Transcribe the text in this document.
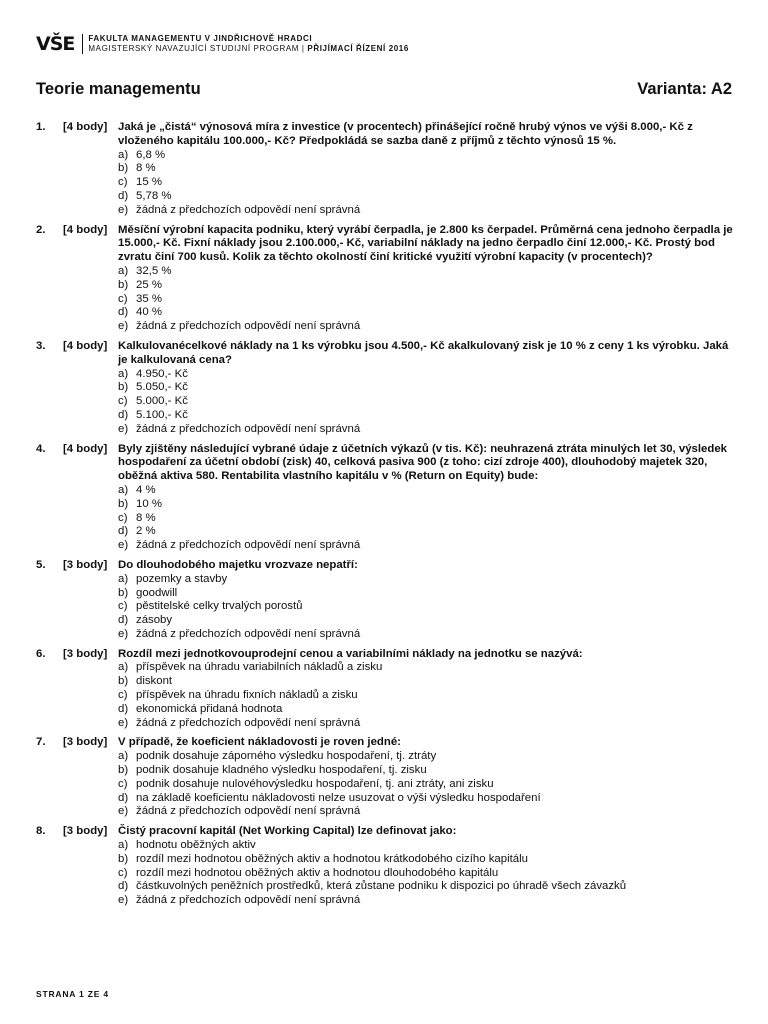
VŠE FAKULTA MANAGEMENTU V JINDŘICHOVĚ HRADCI
MAGISTERSKÝ NAVAZUJÍCÍ STUDIJNÍ PROGRAM | PŘIJÍMACÍ ŘÍZENÍ 2016
Teorie managementu	Varianta: A2
1. [4 body] Jaká je „čistá“ výnosová míra z investice (v procentech) přinášející ročně hrubý výnos ve výši 8.000,- Kč z vloženého kapitálu 100.000,- Kč? Předpokládá se sazba daně z příjmů z těchto výnosů 15 %.
a) 6,8 %
b) 8 %
c) 15 %
d) 5,78 %
e) žádná z předchozích odpovědí není správná
2. [4 body] Měsíční výrobní kapacita podniku, který vyrábí čerpadla, je 2.800 ks čerpadel. Průměrná cena jednoho čerpadla je 15.000,- Kč. Fixní náklady jsou 2.100.000,- Kč, variabilní náklady na jedno čerpadlo činí 12.000,- Kč. Prostý bod zvratu činí 700 kusů. Kolik za těchto okolností činí kritické využití výrobní kapacity (v procentech)?
a) 32,5 %
b) 25 %
c) 35 %
d) 40 %
e) žádná z předchozích odpovědí není správná
3. [4 body] Kalkulovanécelkové náklady na 1 ks výrobku jsou 4.500,- Kč akalkulovaný zisk je 10 % z ceny 1 ks výrobku. Jaká je kalkulovaná cena?
a) 4.950,- Kč
b) 5.050,- Kč
c) 5.000,- Kč
d) 5.100,- Kč
e) žádná z předchozích odpovědí není správná
4. [4 body] Byly zjištěny následující vybrané údaje z účetních výkazů (v tis. Kč): neuhrazená ztráta minulých let 30, výsledek hospodaření za účetní období (zisk) 40, celková pasiva 900 (z toho: cizí zdroje 400), dlouhodobý majetek 320, oběžná aktiva 580. Rentabilita vlastního kapitálu v % (Return on Equity) bude:
a) 4 %
b) 10 %
c) 8 %
d) 2 %
e) žádná z předchozích odpovědí není správná
5. [3 body] Do dlouhodobého majetku vrozvaze nepatří:
a) pozemky a stavby
b) goodwill
c) pěstitelské celky trvalých porostů
d) zásoby
e) žádná z předchozích odpovědí není správná
6. [3 body] Rozdíl mezi jednotkovouprodejní cenou a variabilními náklady na jednotku se nazývá:
a) příspěvek na úhradu variabilních nákladů a zisku
b) diskont
c) příspěvek na úhradu fixních nákladů a zisku
d) ekonomická přidaná hodnota
e) žádná z předchozích odpovědí není správná
7. [3 body] V případě, že koeficient nákladovosti je roven jedné:
a) podnik dosahuje záporného výsledku hospodaření, tj. ztráty
b) podnik dosahuje kladného výsledku hospodaření, tj. zisku
c) podnik dosahuje nulovéhovýsledku hospodaření, tj. ani ztráty, ani zisku
d) na základě koeficientu nákladovosti nelze usuzovat o výši výsledku hospodaření
e) žádná z předchozích odpovědí není správná
8. [3 body] Čistý pracovní kapitál (Net Working Capital) lze definovat jako:
a) hodnotu oběžných aktiv
b) rozdíl mezi hodnotou oběžných aktiv a hodnotou krátkodobého cizího kapitálu
c) rozdíl mezi hodnotou oběžných aktiv a hodnotou dlouhodobého kapitálu
d) částkuvolných peněžních prostředků, která zůstane podniku k dispozici po úhradě všech závazků
e) žádná z předchozích odpovědí není správná
STRANA 1 ZE 4
